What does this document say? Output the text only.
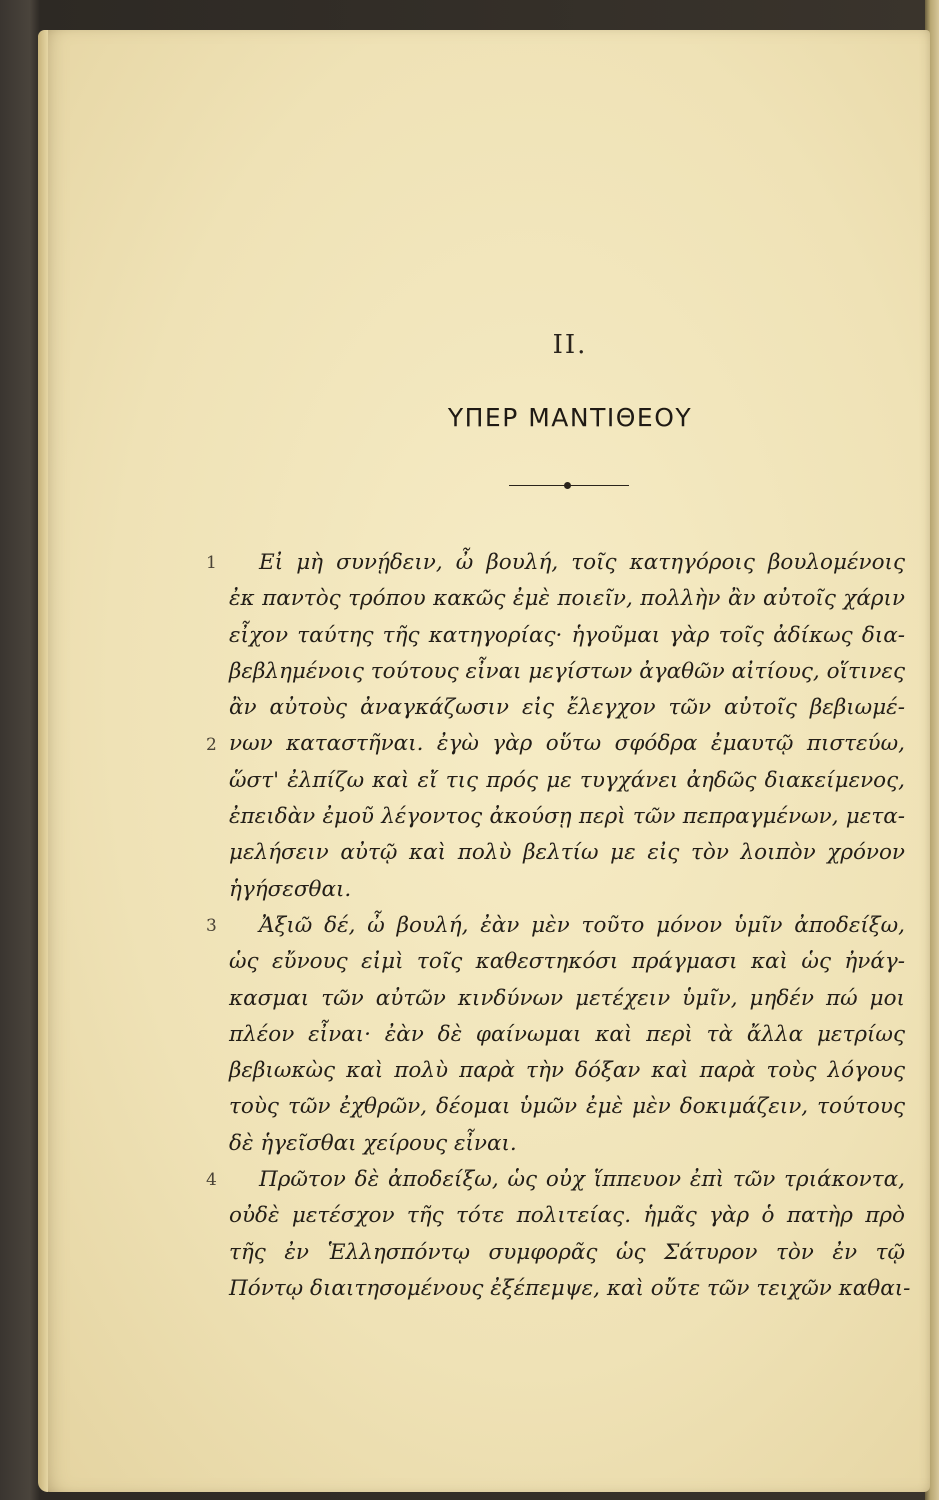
II.
ΥΠΕΡ ΜΑΝΤΙΘΕΟΥ
1
2
3
4
Εἰ μὴ συνῄδειν, ὦ βουλή, τοῖς κατηγόροις βουλομένοις
ἐκ παντὸς τρόπου κακῶς ἐμὲ ποιεῖν, πολλὴν ἂν αὐτοῖς χάριν
εἶχον ταύτης τῆς κατηγορίας· ἡγοῦμαι γὰρ τοῖς ἀδίκως δια-
βεβλημένοις τούτους εἶναι μεγίστων ἀγαθῶν αἰτίους, οἵτινες
ἂν αὐτοὺς ἀναγκάζωσιν εἰς ἔλεγχον τῶν αὐτοῖς βεβιωμέ-
νων καταστῆναι. ἐγὼ γὰρ οὕτω σφόδρα ἐμαυτῷ πιστεύω,
ὥστ' ἐλπίζω καὶ εἴ τις πρός με τυγχάνει ἀηδῶς διακείμενος,
ἐπειδὰν ἐμοῦ λέγοντος ἀκούσῃ περὶ τῶν πεπραγμένων, μετα-
μελήσειν αὐτῷ καὶ πολὺ βελτίω με εἰς τὸν λοιπὸν χρόνον
ἡγήσεσθαι.
Ἀξιῶ δέ, ὦ βουλή, ἐὰν μὲν τοῦτο μόνον ὑμῖν ἀποδείξω,
ὡς εὔνους εἰμὶ τοῖς καθεστηκόσι πράγμασι καὶ ὡς ἠνάγ-
κασμαι τῶν αὐτῶν κινδύνων μετέχειν ὑμῖν, μηδέν πώ μοι
πλέον εἶναι· ἐὰν δὲ φαίνωμαι καὶ περὶ τὰ ἄλλα μετρίως
βεβιωκὼς καὶ πολὺ παρὰ τὴν δόξαν καὶ παρὰ τοὺς λόγους
τοὺς τῶν ἐχθρῶν, δέομαι ὑμῶν ἐμὲ μὲν δοκιμάζειν, τούτους
δὲ ἡγεῖσθαι χείρους εἶναι.
Πρῶτον δὲ ἀποδείξω, ὡς οὐχ ἵππευον ἐπὶ τῶν τριάκοντα,
οὐδὲ μετέσχον τῆς τότε πολιτείας. ἡμᾶς γὰρ ὁ πατὴρ πρὸ
τῆς ἐν Ἑλλησπόντῳ συμφορᾶς ὡς Σάτυρον τὸν ἐν τῷ
Πόντῳ διαιτησομένους ἐξέπεμψε, καὶ οὔτε τῶν τειχῶν καθαι-
